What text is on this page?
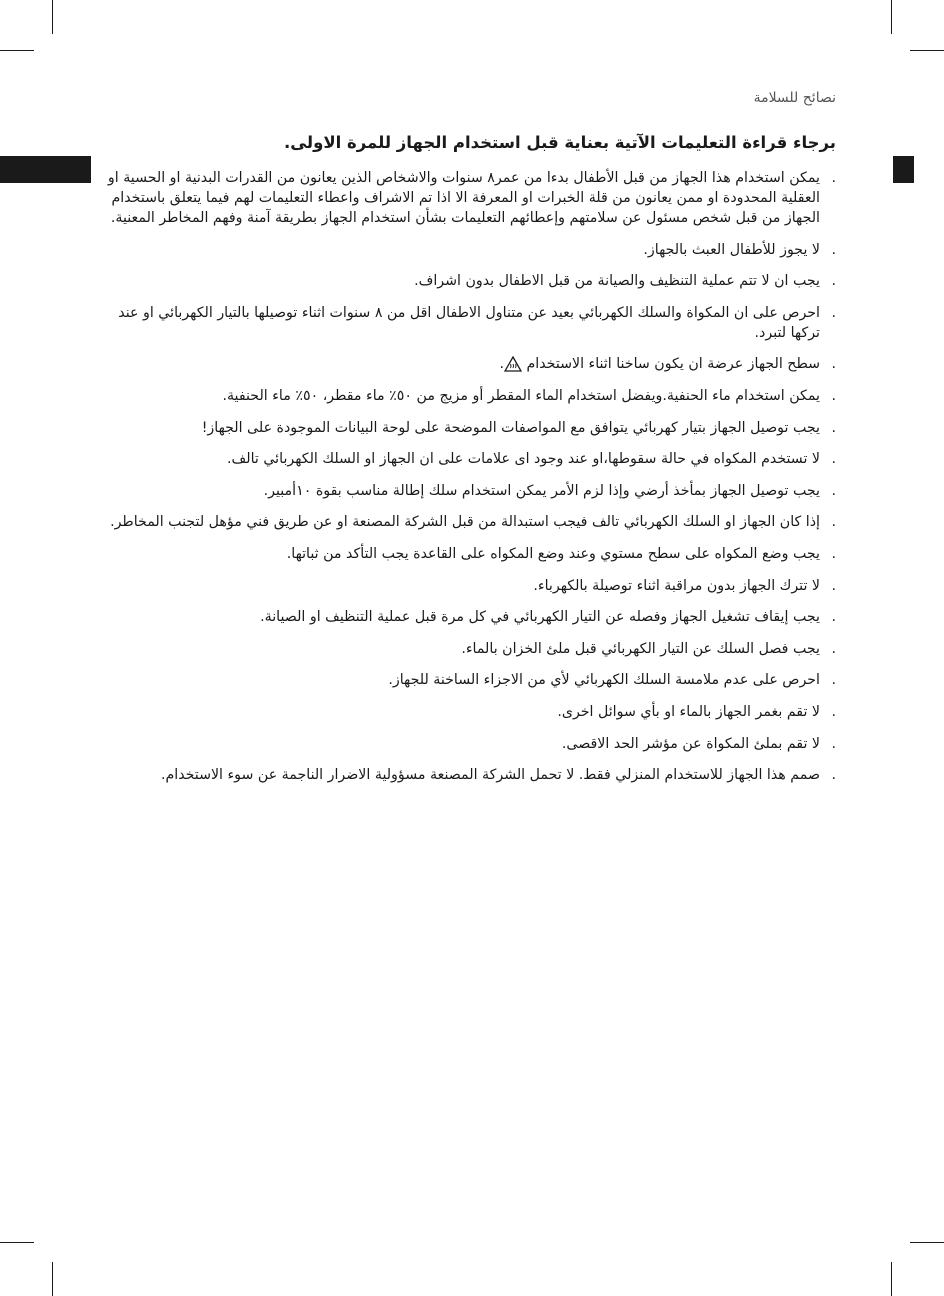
نصائح للسلامة
برجاء قراءة التعليمات الآتية بعناية قبل استخدام الجهاز للمرة الاولى.
.
يمكن استخدام هذا الجهاز من قبل الأطفال بدءا من عمر٨ سنوات والاشخاص الذين يعانون من القدرات البدنية او الحسية او العقلية المحدودة او ممن يعانون من قلة الخبرات او المعرفة الا اذا تم الاشراف واعطاء التعليمات لهم فيما يتعلق باستخدام الجهاز من قبل شخص مسئول عن سلامتهم وإعطائهم التعليمات بشأن استخدام الجهاز بطريقة آمنة وفهم المخاطر المعنية.
.
لا يجوز للأطفال العبث بالجهاز.
.
يجب ان لا تتم عملية التنظيف والصيانة من قبل الاطفال بدون اشراف.
.
احرص على ان المكواة والسلك الكهربائي بعيد عن متناول الاطفال اقل من ٨ سنوات اثناء توصيلها بالتيار الكهربائي او عند تركها لتبرد.
.
سطح الجهاز عرضة ان يكون ساخنا اثناء الاستخدام .
.
يمكن استخدام ماء الحنفية.ويفضل استخدام الماء المقطر أو مزيج من ٥٠٪ ماء مقطر، ٥٠٪ ماء الحنفية.
.
يجب توصيل الجهاز بتيار كهربائي يتوافق مع المواصفات الموضحة على لوحة البيانات الموجودة على الجهاز!
.
لا تستخدم المكواه في حالة سقوطها،او عند وجود اى علامات على ان الجهاز او السلك الكهربائي تالف.
.
يجب توصيل الجهاز بمأخذ أرضي وإذا لزم الأمر يمكن استخدام سلك إطالة مناسب بقوة ١٠أمبير.
.
إذا كان الجهاز او السلك الكهربائي تالف فيجب استبدالة من قبل الشركة المصنعة او عن طريق فني مؤهل لتجنب المخاطر.
.
يجب وضع المكواه على سطح مستوي وعند وضع المكواه على القاعدة يجب التأكد من ثباتها.
.
لا تترك الجهاز بدون مراقبة اثناء توصيلة بالكهرباء.
.
يجب إيقاف تشغيل الجهاز وفصله عن التيار الكهربائي في كل مرة قبل عملية التنظيف او الصيانة.
.
يجب فصل السلك عن التيار الكهربائي قبل ملئ الخزان بالماء.
.
احرص على عدم ملامسة السلك الكهربائي لأي من الاجزاء الساخنة للجهاز.
.
لا تقم بغمر الجهاز بالماء او بأي سوائل اخرى.
.
لا تقم بملئ المكواة عن مؤشر الحد الاقصى.
.
صمم هذا الجهاز للاستخدام المنزلي فقط. لا تحمل الشركة المصنعة مسؤولية الاضرار الناجمة عن سوء الاستخدام.
